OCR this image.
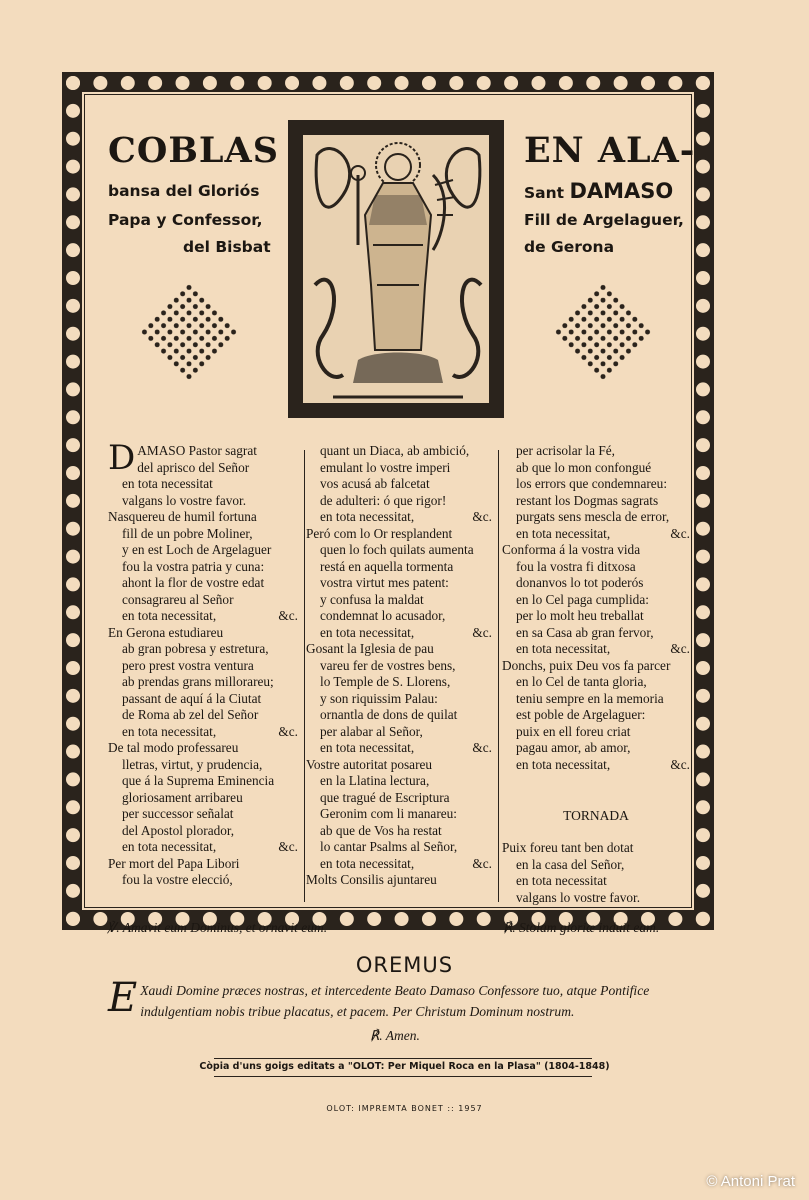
COBLAS	EN ALA-
bansa del Gloriós
Papa y Confessor,
del Bisbat
Sant DAMASO
Fill de Argelaguer,
de Gerona
DAMASO Pastor sagrat
del aprisco del Señor
en tota necessitat
valgans lo vostre favor.
Nasquereu de humil fortuna
fill de un pobre Moliner,
y en est Loch de Argelaguer
fou la vostra patria y cuna:
ahont la flor de vostre edat
consagrareu al Señor
en tota necessitat,	&c.
En Gerona estudiareu
ab gran pobresa y estretura,
pero prest vostra ventura
ab prendas grans millorareu;
passant de aquí á la Ciutat
de Roma ab zel del Señor
en tota necessitat,	&c.
De tal modo professareu
lletras, virtut, y prudencia,
que á la Suprema Eminencia
gloriosament arribareu
per successor señalat
del Apostol plorador,
en tota necessitat,	&c.
Per mort del Papa Libori
fou la vostre elecció,
quant un Diaca, ab ambició,
emulant lo vostre imperi
vos acusá ab falcetat
de adulteri: ó que rigor!
en tota necessitat,	&c.
Peró com lo Or resplandent
quen lo foch quilats aumenta
restá en aquella tormenta
vostra virtut mes patent:
y confusa la maldat
condemnat lo acusador,
en tota necessitat,	&c.
Gosant la Iglesia de pau
vareu fer de vostres bens,
lo Temple de S. Llorens,
y son riquissim Palau:
ornantla de dons de quilat
per alabar al Señor,
en tota necessitat,	&c.
Vostre autoritat posareu
en la Llatina lectura,
que tragué de Escriptura
Geronim com li manareu:
ab que de Vos ha restat
lo cantar Psalms al Señor,
en tota necessitat,	&c.
Molts Consilis ajuntareu
per acrisolar la Fé,
ab que lo mon confongué
los errors que condemnareu:
restant los Dogmas sagrats
purgats sens mescla de error,
en tota necessitat,	&c.
Conforma á la vostra vida
fou la vostra fi ditxosa
donanvos lo tot poderós
en lo Cel paga cumplida:
per lo molt heu treballat
en sa Casa ab gran fervor,
en tota necessitat,	&c.
Donchs, puix Deu vos fa parcer
en lo Cel de tanta gloria,
teniu sempre en la memoria
est poble de Argelaguer:
puix en ell foreu criat
pagau amor, ab amor,
en tota necessitat,	&c.
TORNADA
Puix foreu tant ben dotat
en la casa del Señor,
en tota necessitat
valgans lo vostre favor.
℣. Amavit eum Dominus, et ornavit eum.	℟. Stolam gloriæ induit eam.
OREMUS
E Xaudi Domine præces nostras, et intercedente Beato Damaso Confessore tuo, atque Pontifice indulgentiam nobis tribue placatus, et pacem. Per Christum Dominum nostrum.
℟. Amen.
Còpia d'uns goigs editats a "OLOT: Per Miquel Roca en la Plasa" (1804-1848)
OLOT: IMPREMTA BONET :: 1957
© Antoni Prat
